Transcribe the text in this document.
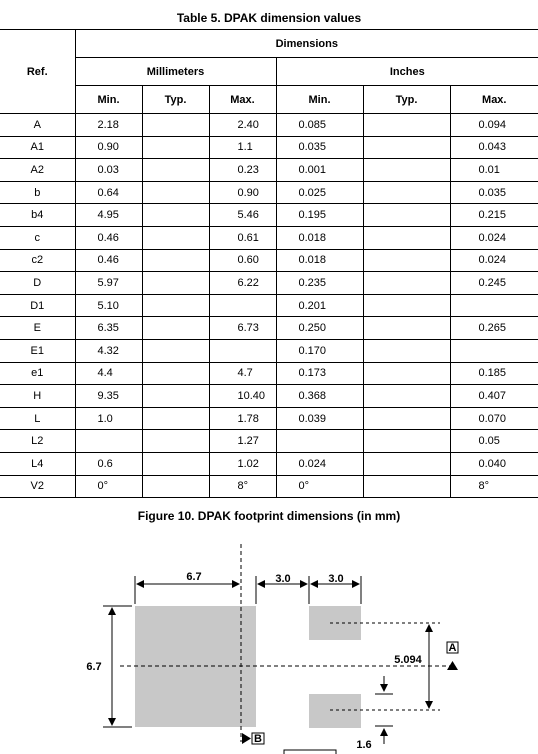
Table 5. DPAK dimension values
Ref.	Dimensions					
	Millimeters			Inches		
	Min.	Typ.	Max.	Min.	Typ.	Max.
A	2.18		2.40	0.085		0.094
A1	0.90		1.1	0.035		0.043
A2	0.03		0.23	0.001		0.01
b	0.64		0.90	0.025		0.035
b4	4.95		5.46	0.195		0.215
c	0.46		0.61	0.018		0.024
c2	0.46		0.60	0.018		0.024
D	5.97		6.22	0.235		0.245
D1	5.10			0.201		
E	6.35		6.73	0.250		0.265
E1	4.32			0.170		
e1	4.4		4.7	0.173		0.185
H	9.35		10.40	0.368		0.407
L	1.0		1.78	0.039		0.070
L2			1.27			0.05
L4	0.6		1.02	0.024		0.040
V2	0°		8°	0°		8°
Figure 10. DPAK footprint dimensions (in mm)
6.7	3.0	3.0
6.7
5.094
1.6
A
B
